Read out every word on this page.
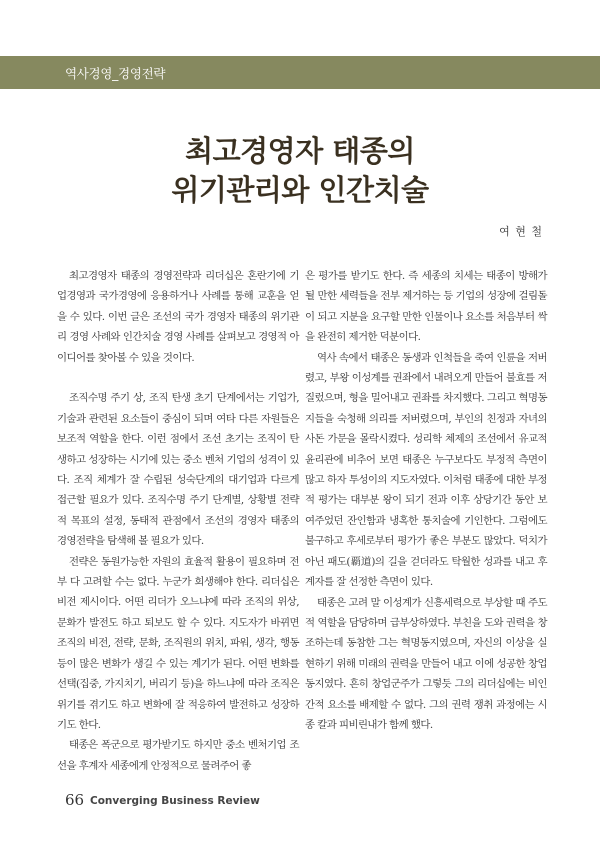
역사경영_경영전략
최고경영자 태종의
위기관리와 인간치술
여 현 철

최고경영자 태종의 경영전략과 리더십은 혼란기에 기업경영과 국가경영에 응용하거나 사례를 통해 교훈을 얻을 수 있다. 이번 글은 조선의 국가 경영자 태종의 위기관리 경영 사례와 인간치술 경영 사례를 살펴보고 경영적 아이디어를 찾아볼 수 있을 것이다.

조직수명 주기 상, 조직 탄생 초기 단계에서는 기업가, 기술과 관련된 요소들이 중심이 되며 여타 다른 자원들은 보조적 역할을 한다. 이런 점에서 조선 초기는 조직이 탄생하고 성장하는 시기에 있는 중소 벤처 기업의 성격이 있다. 조직 체계가 잘 수립된 성숙단계의 대기업과 다르게 접근할 필요가 있다. 조직수명 주기 단계별, 상황별 전략적 목표의 설정, 동태적 관점에서 조선의 경영자 태종의 경영전략을 탐색해 볼 필요가 있다.

전략은 동원가능한 자원의 효율적 활용이 필요하며 전부 다 고려할 수는 없다. 누군가 희생해야 한다. 리더십은 비전 제시이다. 어떤 리더가 오느냐에 따라 조직의 위상, 문화가 발전도 하고 퇴보도 할 수 있다. 지도자가 바뀌면 조직의 비전, 전략, 문화, 조직원의 위치, 파워, 생각, 행동 등이 많은 변화가 생길 수 있는 계기가 된다. 어떤 변화를 선택(집중, 가지치기, 버리기 등)을 하느냐에 따라 조직은 위기를 겪기도 하고 변화에 잘 적응하여 발전하고 성장하기도 한다.

태종은 폭군으로 평가받기도 하지만 중소 벤처기업 조선을 후계자 세종에게 안정적으로 물려주어 좋

은 평가를 받기도 한다. 즉 세종의 치세는 태종이 방해가 될 만한 세력들을 전부 제거하는 등 기업의 성장에 걸림돌이 되고 지분을 요구할 만한 인물이나 요소를 처음부터 싹을 완전히 제거한 덕분이다.

역사 속에서 태종은 동생과 인척들을 죽여 인륜을 저버렸고, 부왕 이성계를 권좌에서 내려오게 만들어 불효를 저질렀으며, 형을 밀어내고 권좌를 차지했다. 그리고 혁명동지들을 숙청해 의리를 저버렸으며, 부인의 친정과 자녀의 사돈 가문을 몰락시켰다. 성리학 체제의 조선에서 유교적 윤리관에 비추어 보면 태종은 누구보다도 부정적 측면이 많고 하자 투성이의 지도자였다. 이처럼 태종에 대한 부정적 평가는 대부분 왕이 되기 전과 이후 상당기간 동안 보여주었던 잔인함과 냉혹한 통치술에 기인한다. 그럼에도 불구하고 후세로부터 평가가 좋은 부분도 많았다. 덕치가 아닌 패도(覇道)의 길을 걷더라도 탁월한 성과를 내고 후계자를 잘 선정한 측면이 있다.

태종은 고려 말 이성계가 신흥세력으로 부상할 때 주도적 역할을 담당하며 급부상하였다. 부친을 도와 권력을 창조하는데 동참한 그는 혁명동지였으며, 자신의 이상을 실현하기 위해 미래의 권력을 만들어 내고 이에 성공한 창업동지였다. 흔히 창업군주가 그렇듯 그의 리더십에는 비인간적 요소를 배제할 수 없다. 그의 권력 쟁취 과정에는 시종 칼과 피비린내가 함께 했다.

66 Converging Business Review
